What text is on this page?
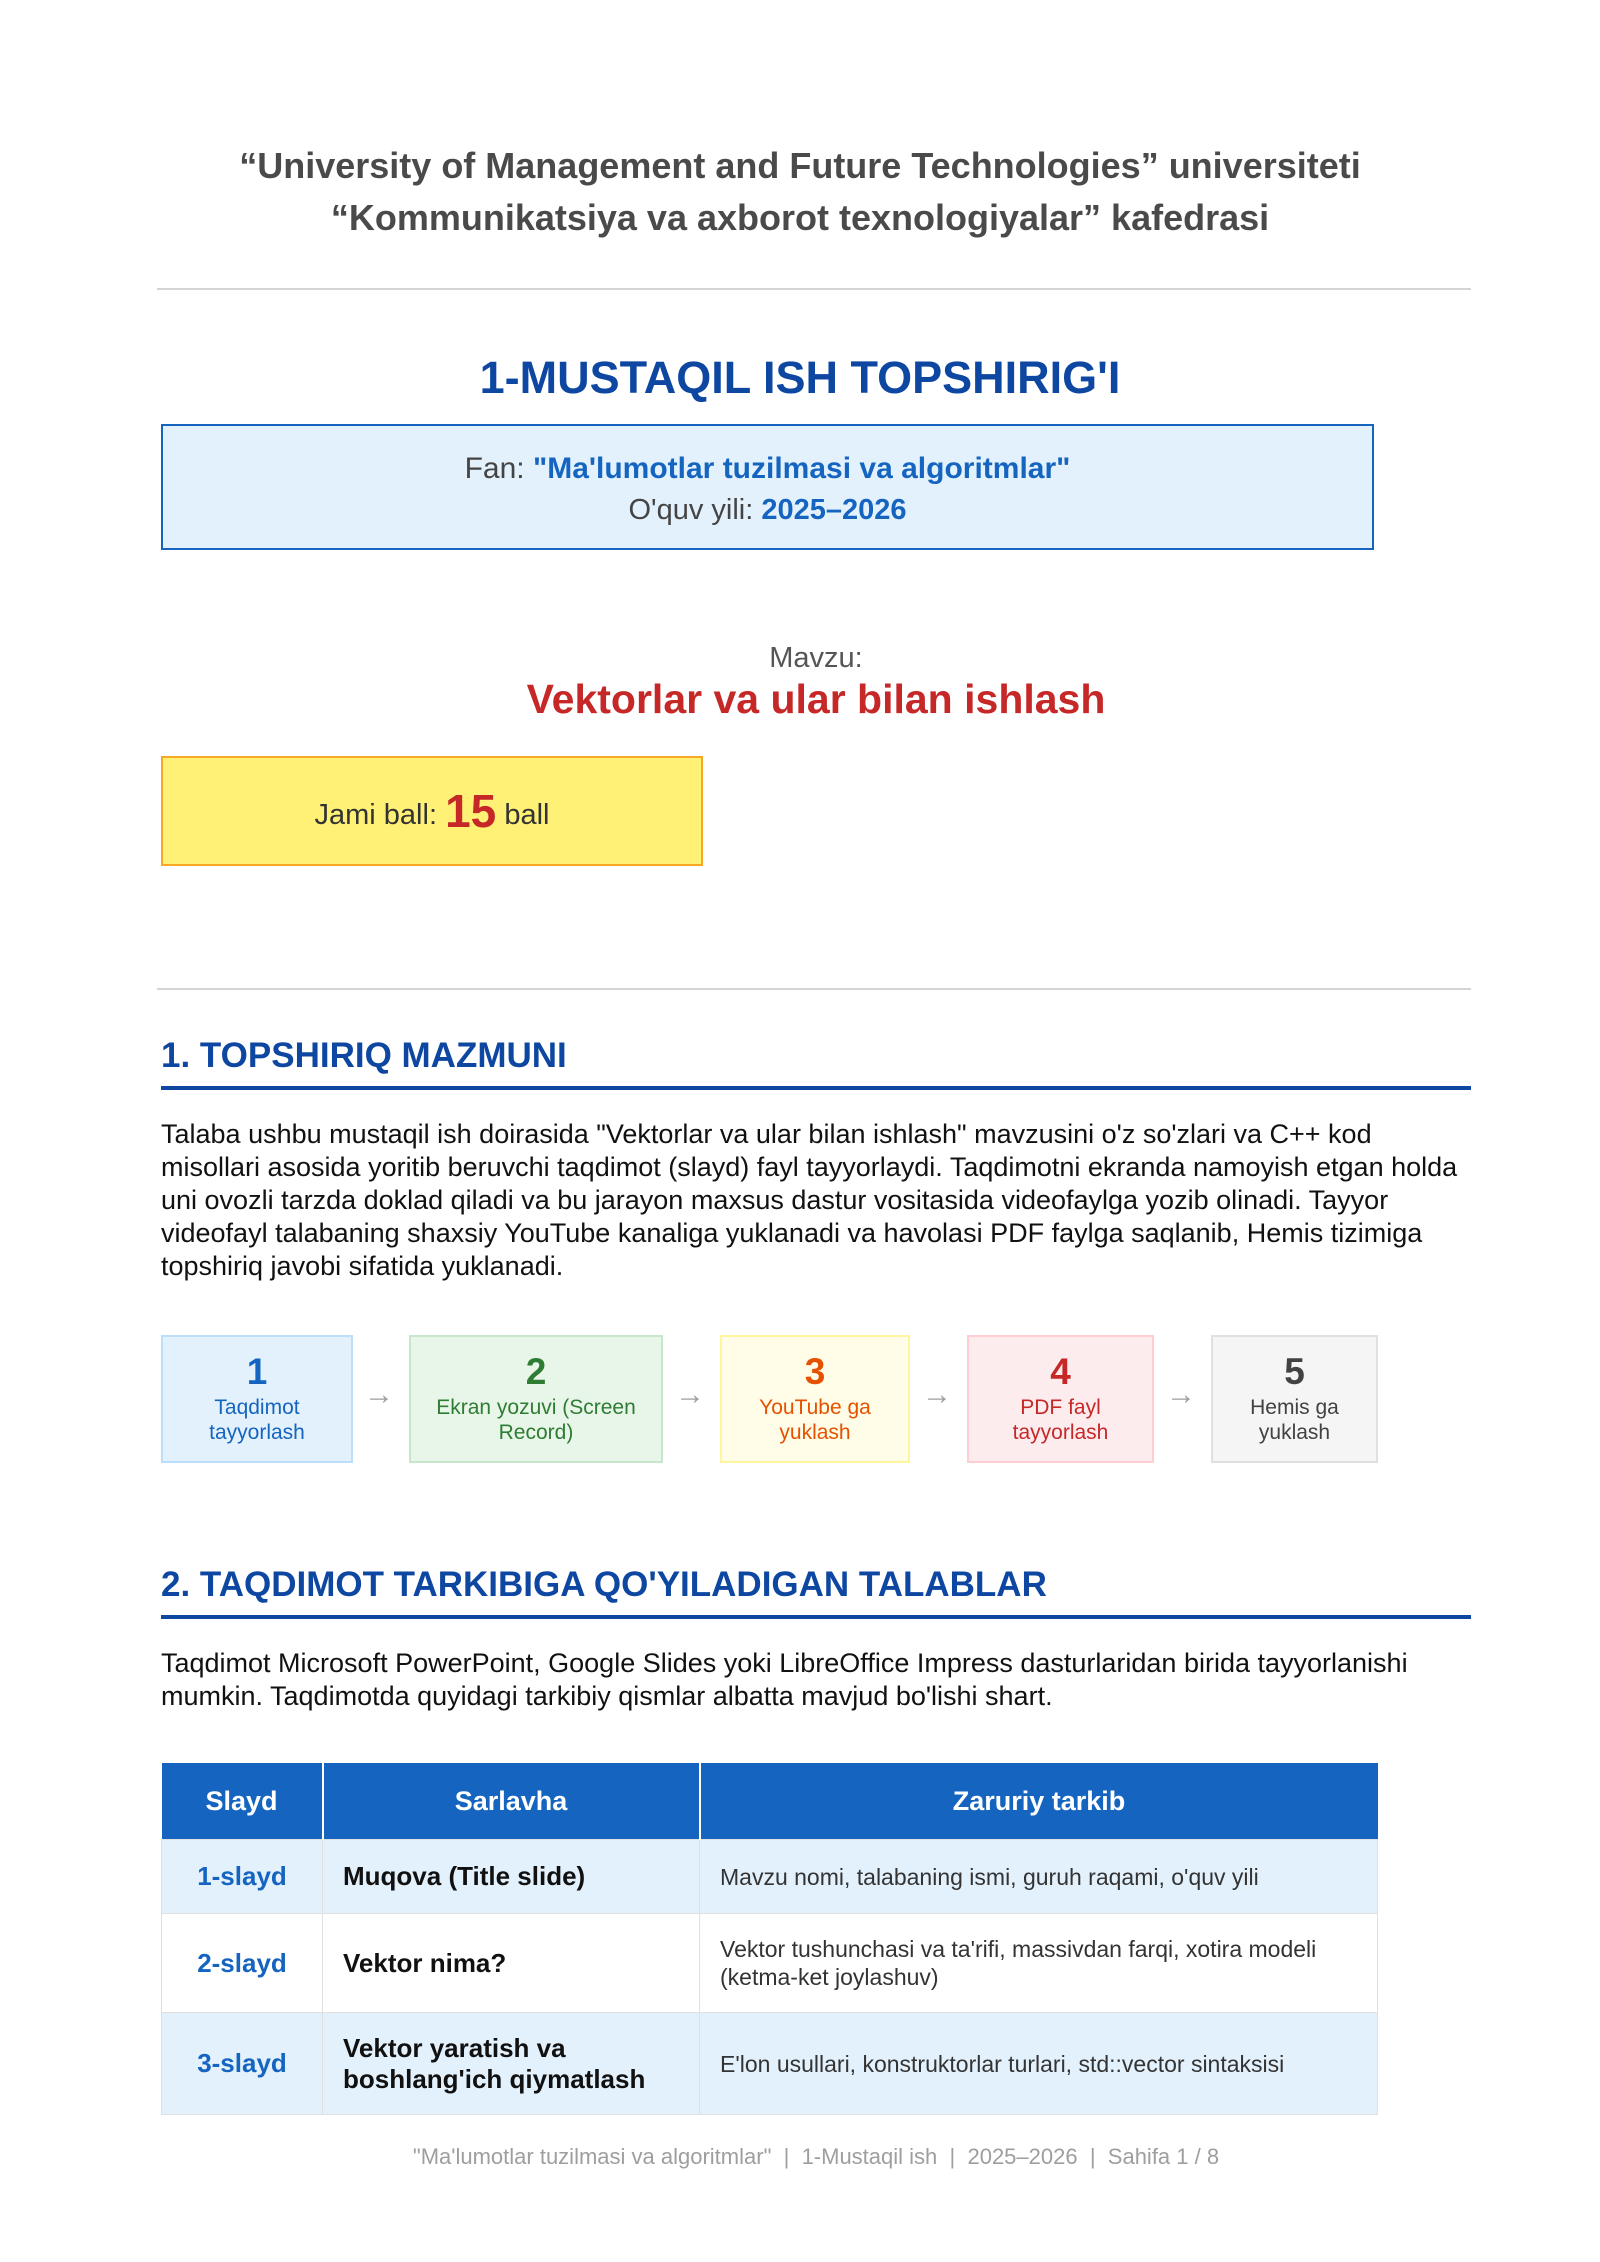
“University of Management and Future Technologies” universiteti
“Kommunikatsiya va axborot texnologiyalar” kafedrasi
1-MUSTAQIL ISH TOPSHIRIG'I
Fan: "Ma'lumotlar tuzilmasi va algoritmlar"
O'quv yili: 2025–2026
Mavzu:
Vektorlar va ular bilan ishlash
Jami ball: 15 ball
1. TOPSHIRIQ MAZMUNI
Talaba ushbu mustaqil ish doirasida "Vektorlar va ular bilan ishlash" mavzusini o'z so'zlari va C++ kod misollari asosida yoritib beruvchi taqdimot (slayd) fayl tayyorlaydi. Taqdimotni ekranda namoyish etgan holda uni ovozli tarzda doklad qiladi va bu jarayon maxsus dastur vositasida videofaylga yozib olinadi. Tayyor videofayl talabaning shaxsiy YouTube kanaliga yuklanadi va havolasi PDF faylga saqlanib, Hemis tizimiga topshiriq javobi sifatida yuklanadi.
1
Taqdimot tayyorlash
→
2
Ekran yozuvi (Screen Record)
→
3
YouTube ga yuklash
→
4
PDF fayl tayyorlash
→
5
Hemis ga yuklash
2. TAQDIMOT TARKIBIGA QO'YILADIGAN TALABLAR
Taqdimot Microsoft PowerPoint, Google Slides yoki LibreOffice Impress dasturlaridan birida tayyorlanishi mumkin. Taqdimotda quyidagi tarkibiy qismlar albatta mavjud bo'lishi shart.
Slayd	Sarlavha	Zaruriy tarkib
1-slayd	Muqova (Title slide)	Mavzu nomi, talabaning ismi, guruh raqami, o'quv yili
2-slayd	Vektor nima?	Vektor tushunchasi va ta'rifi, massivdan farqi, xotira modeli (ketma-ket joylashuv)
3-slayd	Vektor yaratish va boshlang'ich qiymatlash	E'lon usullari, konstruktorlar turlari, std::vector sintaksisi
"Ma'lumotlar tuzilmasi va algoritmlar" | 1-Mustaqil ish | 2025–2026 | Sahifa 1 / 8
